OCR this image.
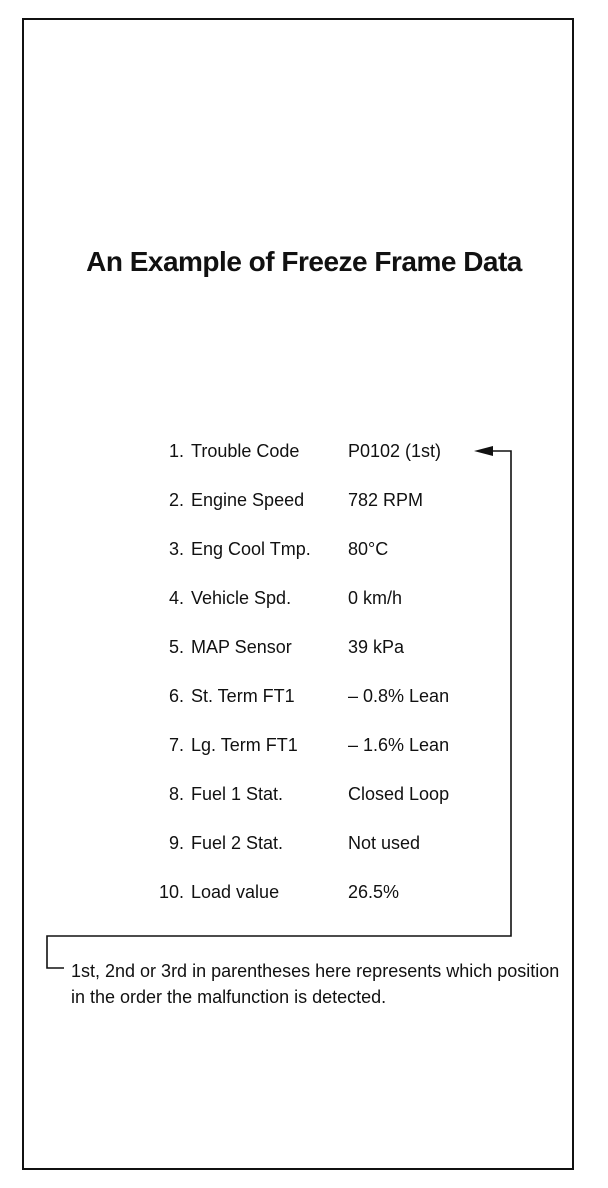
An Example of Freeze Frame Data
1. Trouble Code	P0102 (1st)
2. Engine Speed 782 RPM
3. Eng Cool Tmp. 80°C
4. Vehicle Spd.	0 km/h
5. MAP Sensor	39 kPa
6. St. Term FT1	– 0.8% Lean
7. Lg. Term FT1	– 1.6% Lean
8. Fuel 1 Stat.	Closed Loop
9. Fuel 2 Stat.	Not used
10. Load value	26.5%

1st, 2nd or 3rd in parentheses here represents which position in the order the malfunction is detected.
